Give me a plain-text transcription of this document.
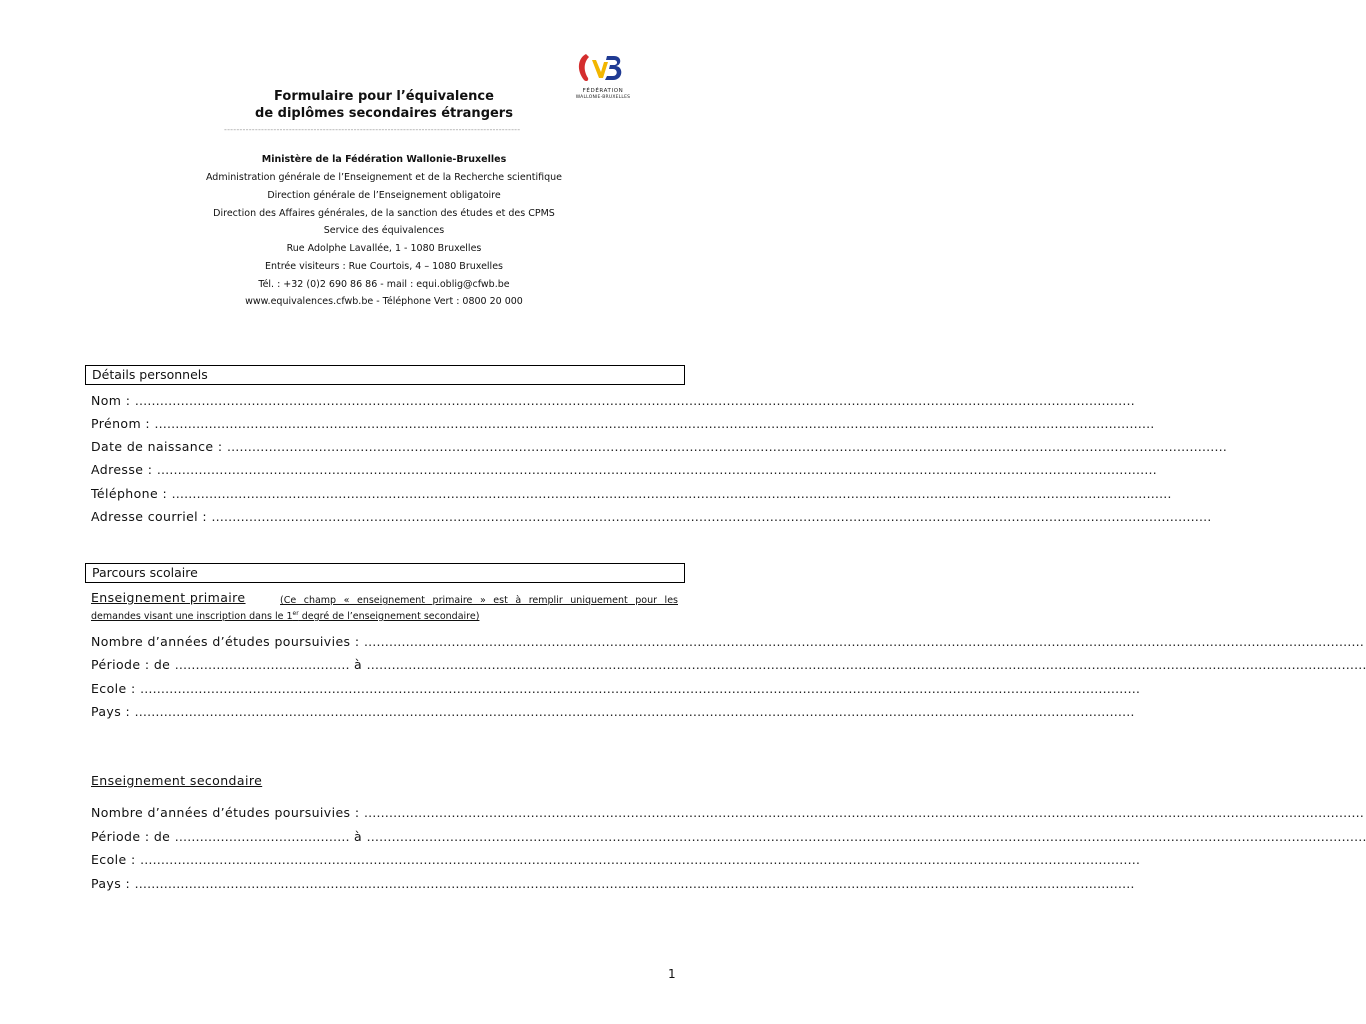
FÉDÉRATION
WALLONIE-BRUXELLES
Formulaire pour l’équivalence
de diplômes secondaires étrangers
------------------------------------------------------------------------------------------------
Ministère de la Fédération Wallonie-Bruxelles
Administration générale de l’Enseignement et de la Recherche scientifique
Direction générale de l’Enseignement obligatoire
Direction des Affaires générales, de la sanction des études et des CPMS
Service des équivalences
Rue Adolphe Lavallée, 1 - 1080 Bruxelles
Entrée visiteurs : Rue Courtois, 4 – 1080 Bruxelles
Tél. : +32 (0)2 690 86 86 - mail : equi.oblig@cfwb.be
www.equivalences.cfwb.be - Téléphone Vert : 0800 20 000
Détails personnels
Nom : ……………………………………………………………………………………………………………………………………………………………………………………………………………………
Prénom : ……………………………………………………………………………………………………………………………………………………………………………………………………………………
Date de naissance : ……………………………………………………………………………………………………………………………………………………………………………………………………………………
Adresse : ……………………………………………………………………………………………………………………………………………………………………………………………………………………
Téléphone : ……………………………………………………………………………………………………………………………………………………………………………………………………………………
Adresse courriel : ……………………………………………………………………………………………………………………………………………………………………………………………………………………
Parcours scolaire
Enseignement primaire	(Ce champ « enseignement primaire » est à remplir uniquement pour les demandes visant une inscription dans le 1er degré de l’enseignement secondaire)
Nombre d’années d’études poursuivies : ……………………………………………………………………………………………………………………………………………………………………………………………………………………
Période : de …………………………………… à ……………………………………………………………………………………………………………………………………………………………………………………………………………………
Ecole : ……………………………………………………………………………………………………………………………………………………………………………………………………………………
Pays : ……………………………………………………………………………………………………………………………………………………………………………………………………………………
Enseignement secondaire
Nombre d’années d’études poursuivies : ……………………………………………………………………………………………………………………………………………………………………………………………………………………
Période : de …………………………………… à ……………………………………………………………………………………………………………………………………………………………………………………………………………………
Ecole : ……………………………………………………………………………………………………………………………………………………………………………………………………………………
Pays : ……………………………………………………………………………………………………………………………………………………………………………………………………………………
1
